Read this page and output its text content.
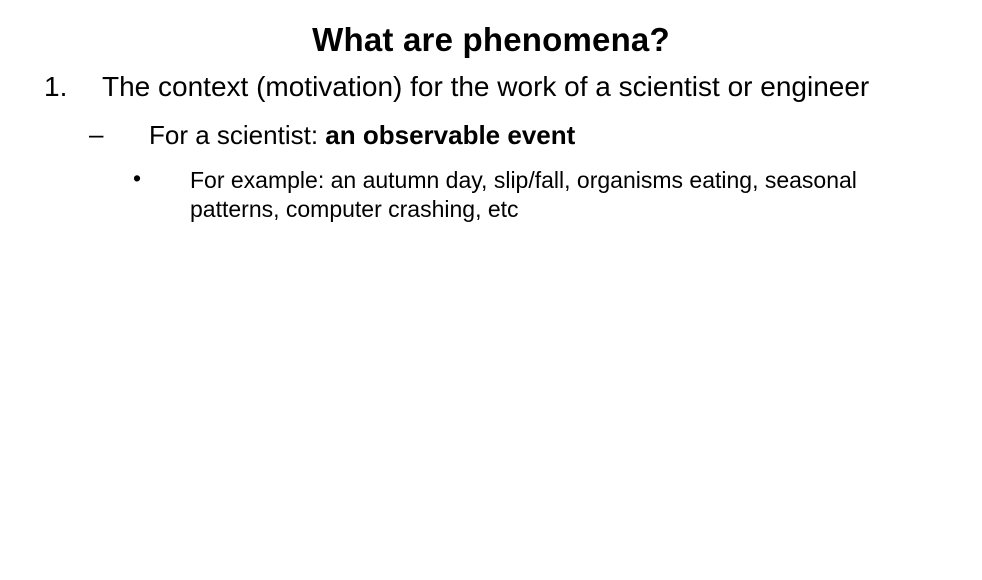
What are phenomena?
1.	The context (motivation) for the work of a scientist or engineer
– For a scientist: an observable event
• For example: an autumn day, slip/fall, organisms eating, seasonal patterns, computer crashing, etc
